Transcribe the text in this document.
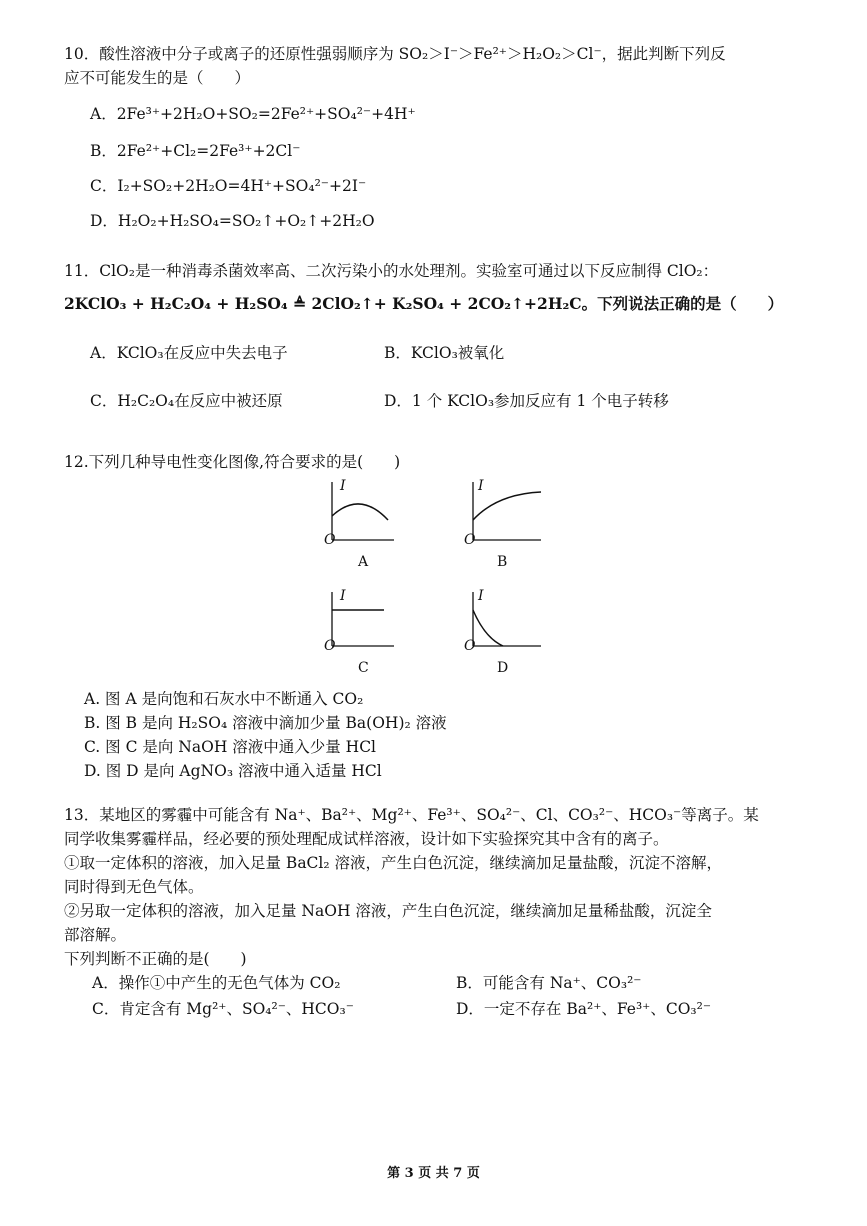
10．酸性溶液中分子或离子的还原性强弱顺序为 SO₂＞I⁻＞Fe²⁺＞H₂O₂＞Cl⁻，据此判断下列反
应不可能发生的是（　　）
A．2Fe³⁺+2H₂O+SO₂=2Fe²⁺+SO₄²⁻+4H⁺
B．2Fe²⁺+Cl₂=2Fe³⁺+2Cl⁻
C．I₂+SO₂+2H₂O=4H⁺+SO₄²⁻+2I⁻
D．H₂O₂+H₂SO₄=SO₂↑+O₂↑+2H₂O
11．ClO₂是一种消毒杀菌效率高、二次污染小的水处理剂。实验室可通过以下反应制得 ClO₂：
2KClO₃ + H₂C₂O₄ + H₂SO₄ ≜ 2ClO₂↑+ K₂SO₄ + 2CO₂↑+2H₂C。下列说法正确的是（　　）
A．KClO₃在反应中失去电子	B．KClO₃被氧化
C．H₂C₂O₄在反应中被还原	D．1 个 KClO₃参加反应有 1 个电子转移
12.下列几种导电性变化图像,符合要求的是(　　)
I
O
A
I
O
B
I
O
C
I
O
D
A. 图 A 是向饱和石灰水中不断通入 CO₂
B. 图 B 是向 H₂SO₄ 溶液中滴加少量 Ba(OH)₂ 溶液
C. 图 C 是向 NaOH 溶液中通入少量 HCl
D. 图 D 是向 AgNO₃ 溶液中通入适量 HCl
13．某地区的雾霾中可能含有 Na⁺、Ba²⁺、Mg²⁺、Fe³⁺、SO₄²⁻、Cl、CO₃²⁻、HCO₃⁻等离子。某
同学收集雾霾样品，经必要的预处理配成试样溶液，设计如下实验探究其中含有的离子。
①取一定体积的溶液，加入足量 BaCl₂ 溶液，产生白色沉淀，继续滴加足量盐酸，沉淀不溶解，
同时得到无色气体。
②另取一定体积的溶液，加入足量 NaOH 溶液，产生白色沉淀，继续滴加足量稀盐酸，沉淀全
部溶解。
下列判断不正确的是(　　)
A．操作①中产生的无色气体为 CO₂	B．可能含有 Na⁺、CO₃²⁻
C．肯定含有 Mg²⁺、SO₄²⁻、HCO₃⁻	D．一定不存在 Ba²⁺、Fe³⁺、CO₃²⁻
第 3 页 共 7 页
